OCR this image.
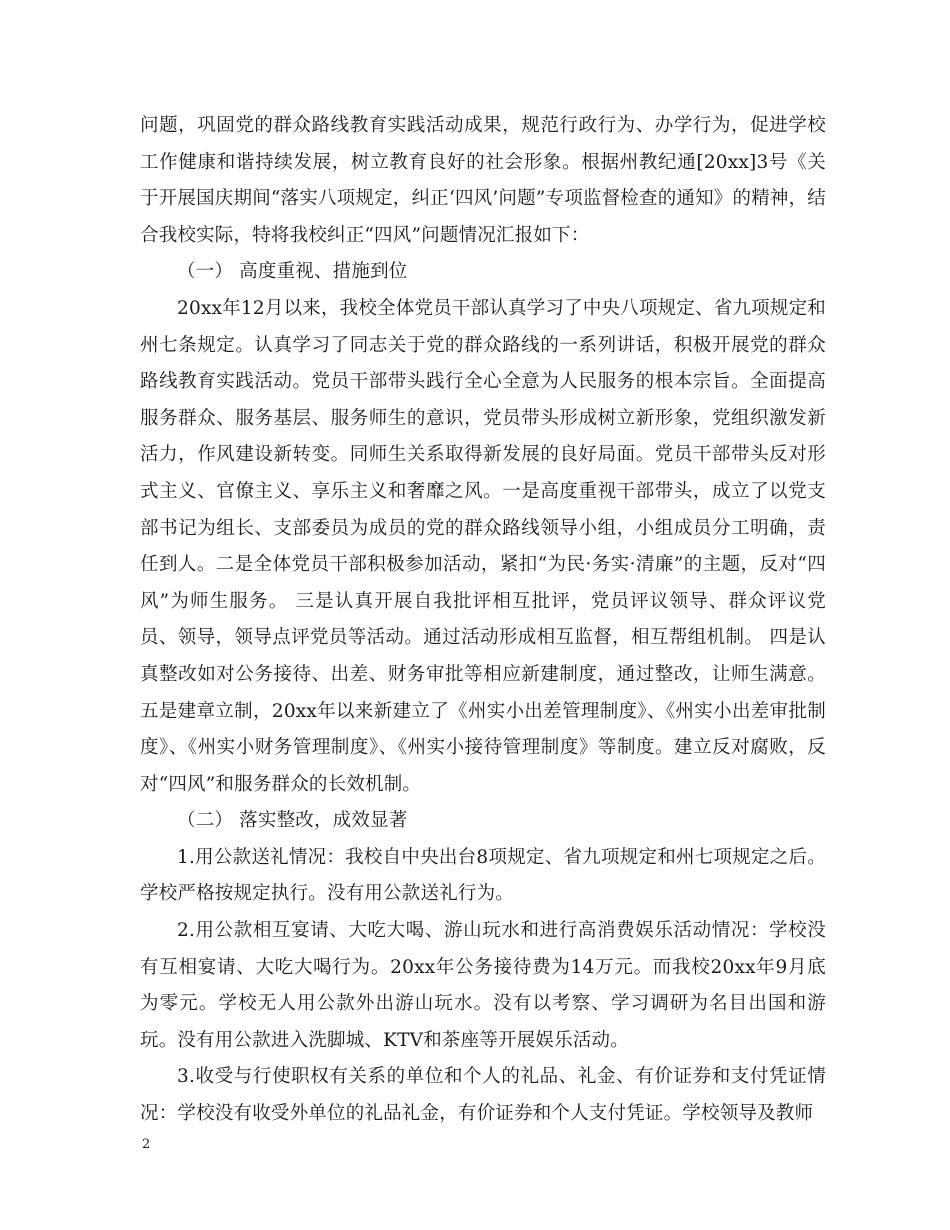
问题，巩固党的群众路线教育实践活动成果，规范行政行为、办学行为，促进学校工作健康和谐持续发展，树立教育良好的社会形象。根据州教纪通[20xx]3号《关于开展国庆期间“落实八项规定，纠正‘四风’问题”专项监督检查的通知》的精神，结合我校实际，特将我校纠正“四风”问题情况汇报如下：

（一） 高度重视、措施到位

20xx年12月以来，我校全体党员干部认真学习了中央八项规定、省九项规定和州七条规定。认真学习了同志关于党的群众路线的一系列讲话，积极开展党的群众路线教育实践活动。党员干部带头践行全心全意为人民服务的根本宗旨。全面提高服务群众、服务基层、服务师生的意识，党员带头形成树立新形象，党组织激发新活力，作风建设新转变。同师生关系取得新发展的良好局面。党员干部带头反对形式主义、官僚主义、享乐主义和奢靡之风。一是高度重视干部带头，成立了以党支部书记为组长、支部委员为成员的党的群众路线领导小组，小组成员分工明确，责任到人。二是全体党员干部积极参加活动，紧扣“为民·务实·清廉”的主题，反对“四风”为师生服务。 三是认真开展自我批评相互批评，党员评议领导、群众评议党员、领导，领导点评党员等活动。通过活动形成相互监督，相互帮组机制。 四是认真整改如对公务接待、出差、财务审批等相应新建制度，通过整改，让师生满意。五是建章立制，20xx年以来新建立了《州实小出差管理制度》、《州实小出差审批制度》、《州实小财务管理制度》、《州实小接待管理制度》等制度。建立反对腐败，反对“四风”和服务群众的长效机制。

（二） 落实整改，成效显著

1.用公款送礼情况：我校自中央出台8项规定、省九项规定和州七项规定之后。学校严格按规定执行。没有用公款送礼行为。

2.用公款相互宴请、大吃大喝、游山玩水和进行高消费娱乐活动情况：学校没有互相宴请、大吃大喝行为。20xx年公务接待费为14万元。而我校20xx年9月底为零元。学校无人用公款外出游山玩水。没有以考察、学习调研为名目出国和游玩。没有用公款进入洗脚城、KTV和茶座等开展娱乐活动。

3.收受与行使职权有关系的单位和个人的礼品、礼金、有价证券和支付凭证情况：学校没有收受外单位的礼品礼金，有价证券和个人支付凭证。学校领导及教师

2
